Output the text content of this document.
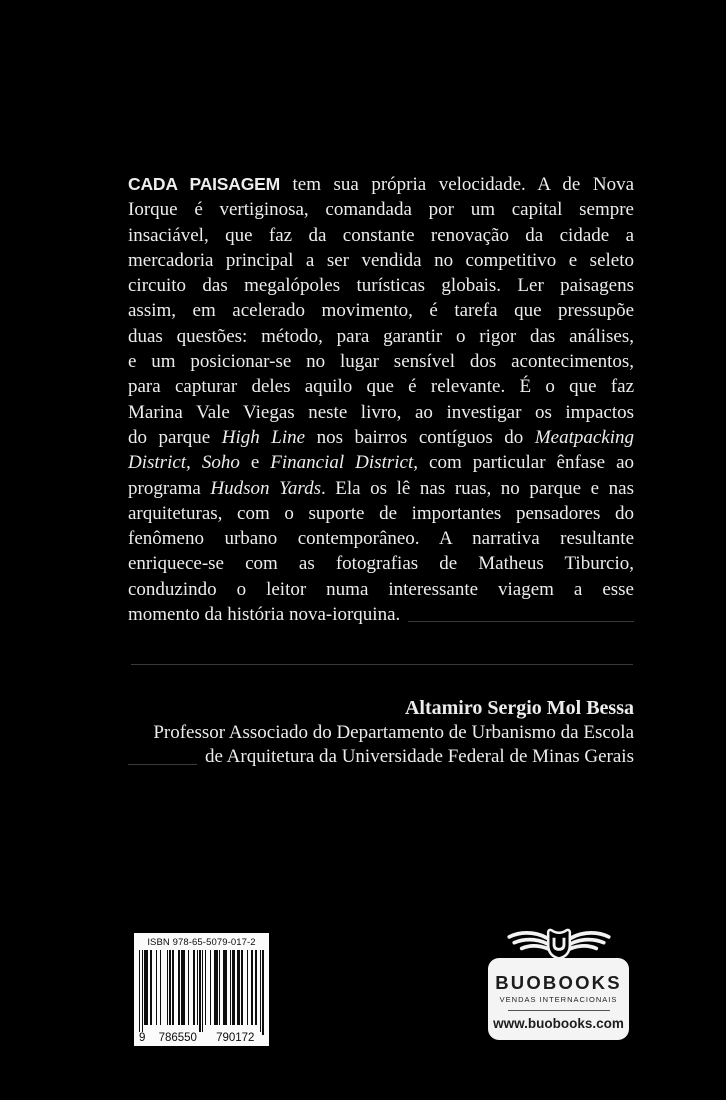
CADA PAISAGEM tem sua própria velocidade. A de Nova
Iorque é vertiginosa, comandada por um capital sempre
insaciável, que faz da constante renovação da cidade a
mercadoria principal a ser vendida no competitivo e seleto
circuito das megalópoles turísticas globais. Ler paisagens
assim, em acelerado movimento, é tarefa que pressupõe
duas questões: método, para garantir o rigor das análises,
e um posicionar-se no lugar sensível dos acontecimentos,
para capturar deles aquilo que é relevante. É o que faz
Marina Vale Viegas neste livro, ao investigar os impactos
do parque High Line nos bairros contíguos do Meatpacking
District, Soho e Financial District, com particular ênfase ao
programa Hudson Yards. Ela os lê nas ruas, no parque e nas
arquiteturas, com o suporte de importantes pensadores do
fenômeno urbano contemporâneo. A narrativa resultante
enriquece-se com as fotografias de Matheus Tiburcio,
conduzindo o leitor numa interessante viagem a esse
momento da história nova-iorquina.
Altamiro Sergio Mol Bessa
Professor Associado do Departamento de Urbanismo da Escola
de Arquitetura da Universidade Federal de Minas Gerais
ISBN 978-65-5079-017-2
9	786550	790172
BUOBOOKS
VENDAS INTERNACIONAIS
www.buobooks.com
